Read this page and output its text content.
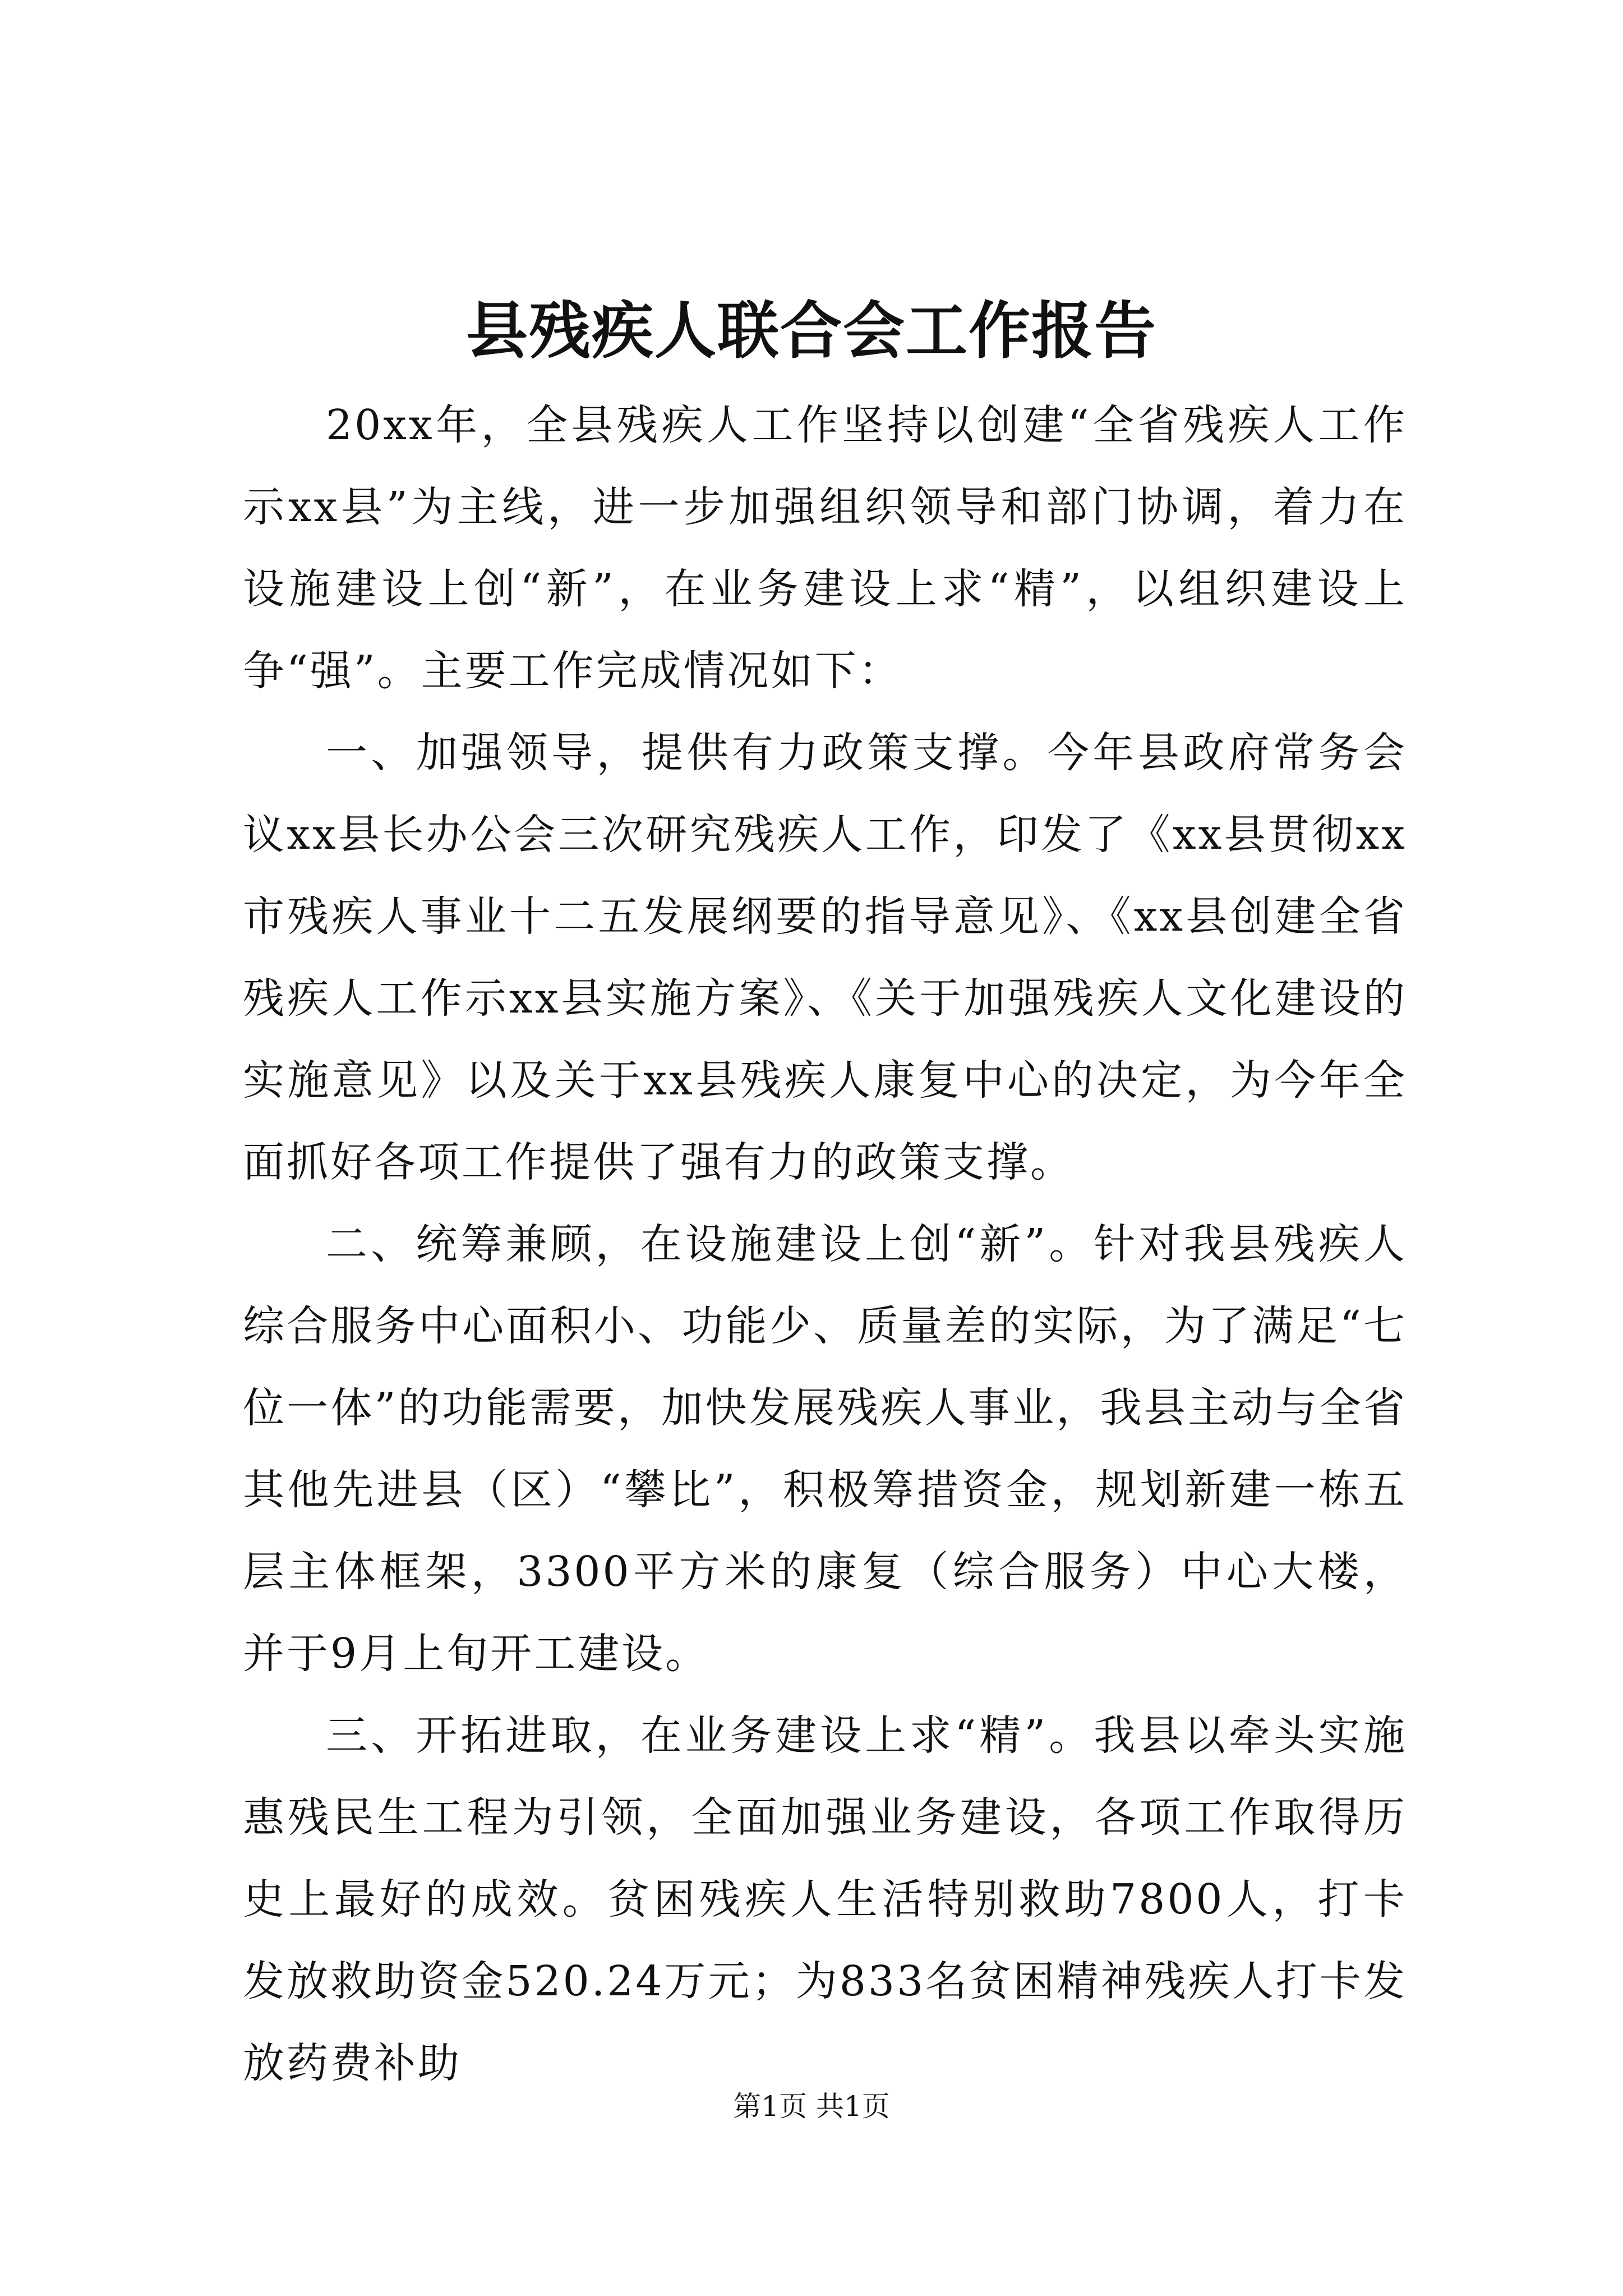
县残疾人联合会工作报告

20xx年，全县残疾人工作坚持以创建“全省残疾人工作示xx县”为主线，进一步加强组织领导和部门协调，着力在设施建设上创“新”，在业务建设上求“精”，以组织建设上争“强”。主要工作完成情况如下：

一、加强领导，提供有力政策支撑。今年县政府常务会议xx县长办公会三次研究残疾人工作，印发了《xx县贯彻xx市残疾人事业十二五发展纲要的指导意见》、《xx县创建全省残疾人工作示xx县实施方案》、《关于加强残疾人文化建设的实施意见》以及关于xx县残疾人康复中心的决定，为今年全面抓好各项工作提供了强有力的政策支撑。

二、统筹兼顾，在设施建设上创“新”。针对我县残疾人综合服务中心面积小、功能少、质量差的实际，为了满足“七位一体”的功能需要，加快发展残疾人事业，我县主动与全省其他先进县（区）“攀比”，积极筹措资金，规划新建一栋五层主体框架，3300平方米的康复（综合服务）中心大楼，并于9月上旬开工建设。

三、开拓进取，在业务建设上求“精”。我县以牵头实施惠残民生工程为引领，全面加强业务建设，各项工作取得历史上最好的成效。贫困残疾人生活特别救助7800人，打卡发放救助资金520.24万元；为833名贫困精神残疾人打卡发放药费补助

第1页 共1页
